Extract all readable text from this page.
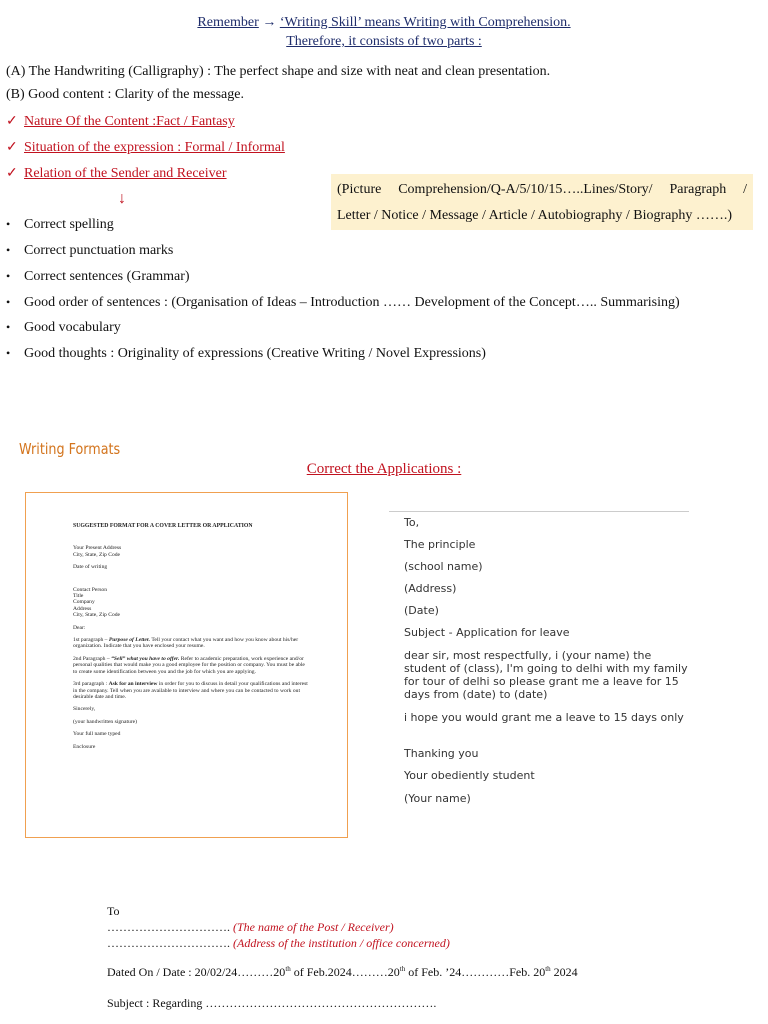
Remember → ‘Writing Skill’ means Writing with Comprehension.
Therefore, it consists of two parts :
(A) The Handwriting (Calligraphy) : The perfect shape and size with neat and clean presentation.
(B) Good content : Clarity of the message.
✓ Nature Of the Content :Fact / Fantasy
✓ Situation of the expression : Formal / Informal
✓ Relation of the Sender and Receiver
↓
(Picture Comprehension/Q-A/5/10/15…..Lines/Story/ Paragraph /
Letter / Notice / Message / Article / Autobiography / Biography …….)
• Correct spelling
• Correct punctuation marks
• Correct sentences (Grammar)
• Good order of sentences : (Organisation of Ideas – Introduction …… Development of the Concept….. Summarising)
• Good vocabulary
• Good thoughts : Originality of expressions (Creative Writing / Novel Expressions)
Writing Formats
Correct the Applications :

SUGGESTED FORMAT FOR A COVER LETTER OR APPLICATION

Your Present Address
City, State, Zip Code

Date of writing

Contact Person
Title
Company
Address
City, State, Zip Code

Dear:

1st paragraph – Purpose of Letter. Tell your contact what you want and how you know about his/her organization. Indicate that you have enclosed your resume.

2nd Paragraph – “Sell” what you have to offer. Refer to academic preparation, work experience and/or personal qualities that would make you a good employee for the position or company. You must be able to create some identification between you and the job for which you are applying.

3rd paragraph : Ask for an interview in order for you to discuss in detail your qualifications and interest in the company. Tell when you are available to interview and where you can be contacted to work out desirable date and time.

Sincerely,

(your handwritten signature)

Your full name typed

Enclosure

To,

The principle

(school name)

(Address)

(Date)

Subject - Application for leave

dear sir, most respectfully, i (your name) the student of (class), I'm going to delhi with my family for tour of delhi so please grant me a leave for 15 days from (date) to (date)

i hope you would grant me a leave to 15 days only

Thanking you

Your obediently student

(Your name)

To
…………………………. (The name of the Post / Receiver)
…………………………. (Address of the institution / office concerned)
Dated On / Date : 20/02/24………20th of Feb.2024………20th of Feb. ’24…………Feb. 20th 2024
Subject : Regarding ………………………………………………….
